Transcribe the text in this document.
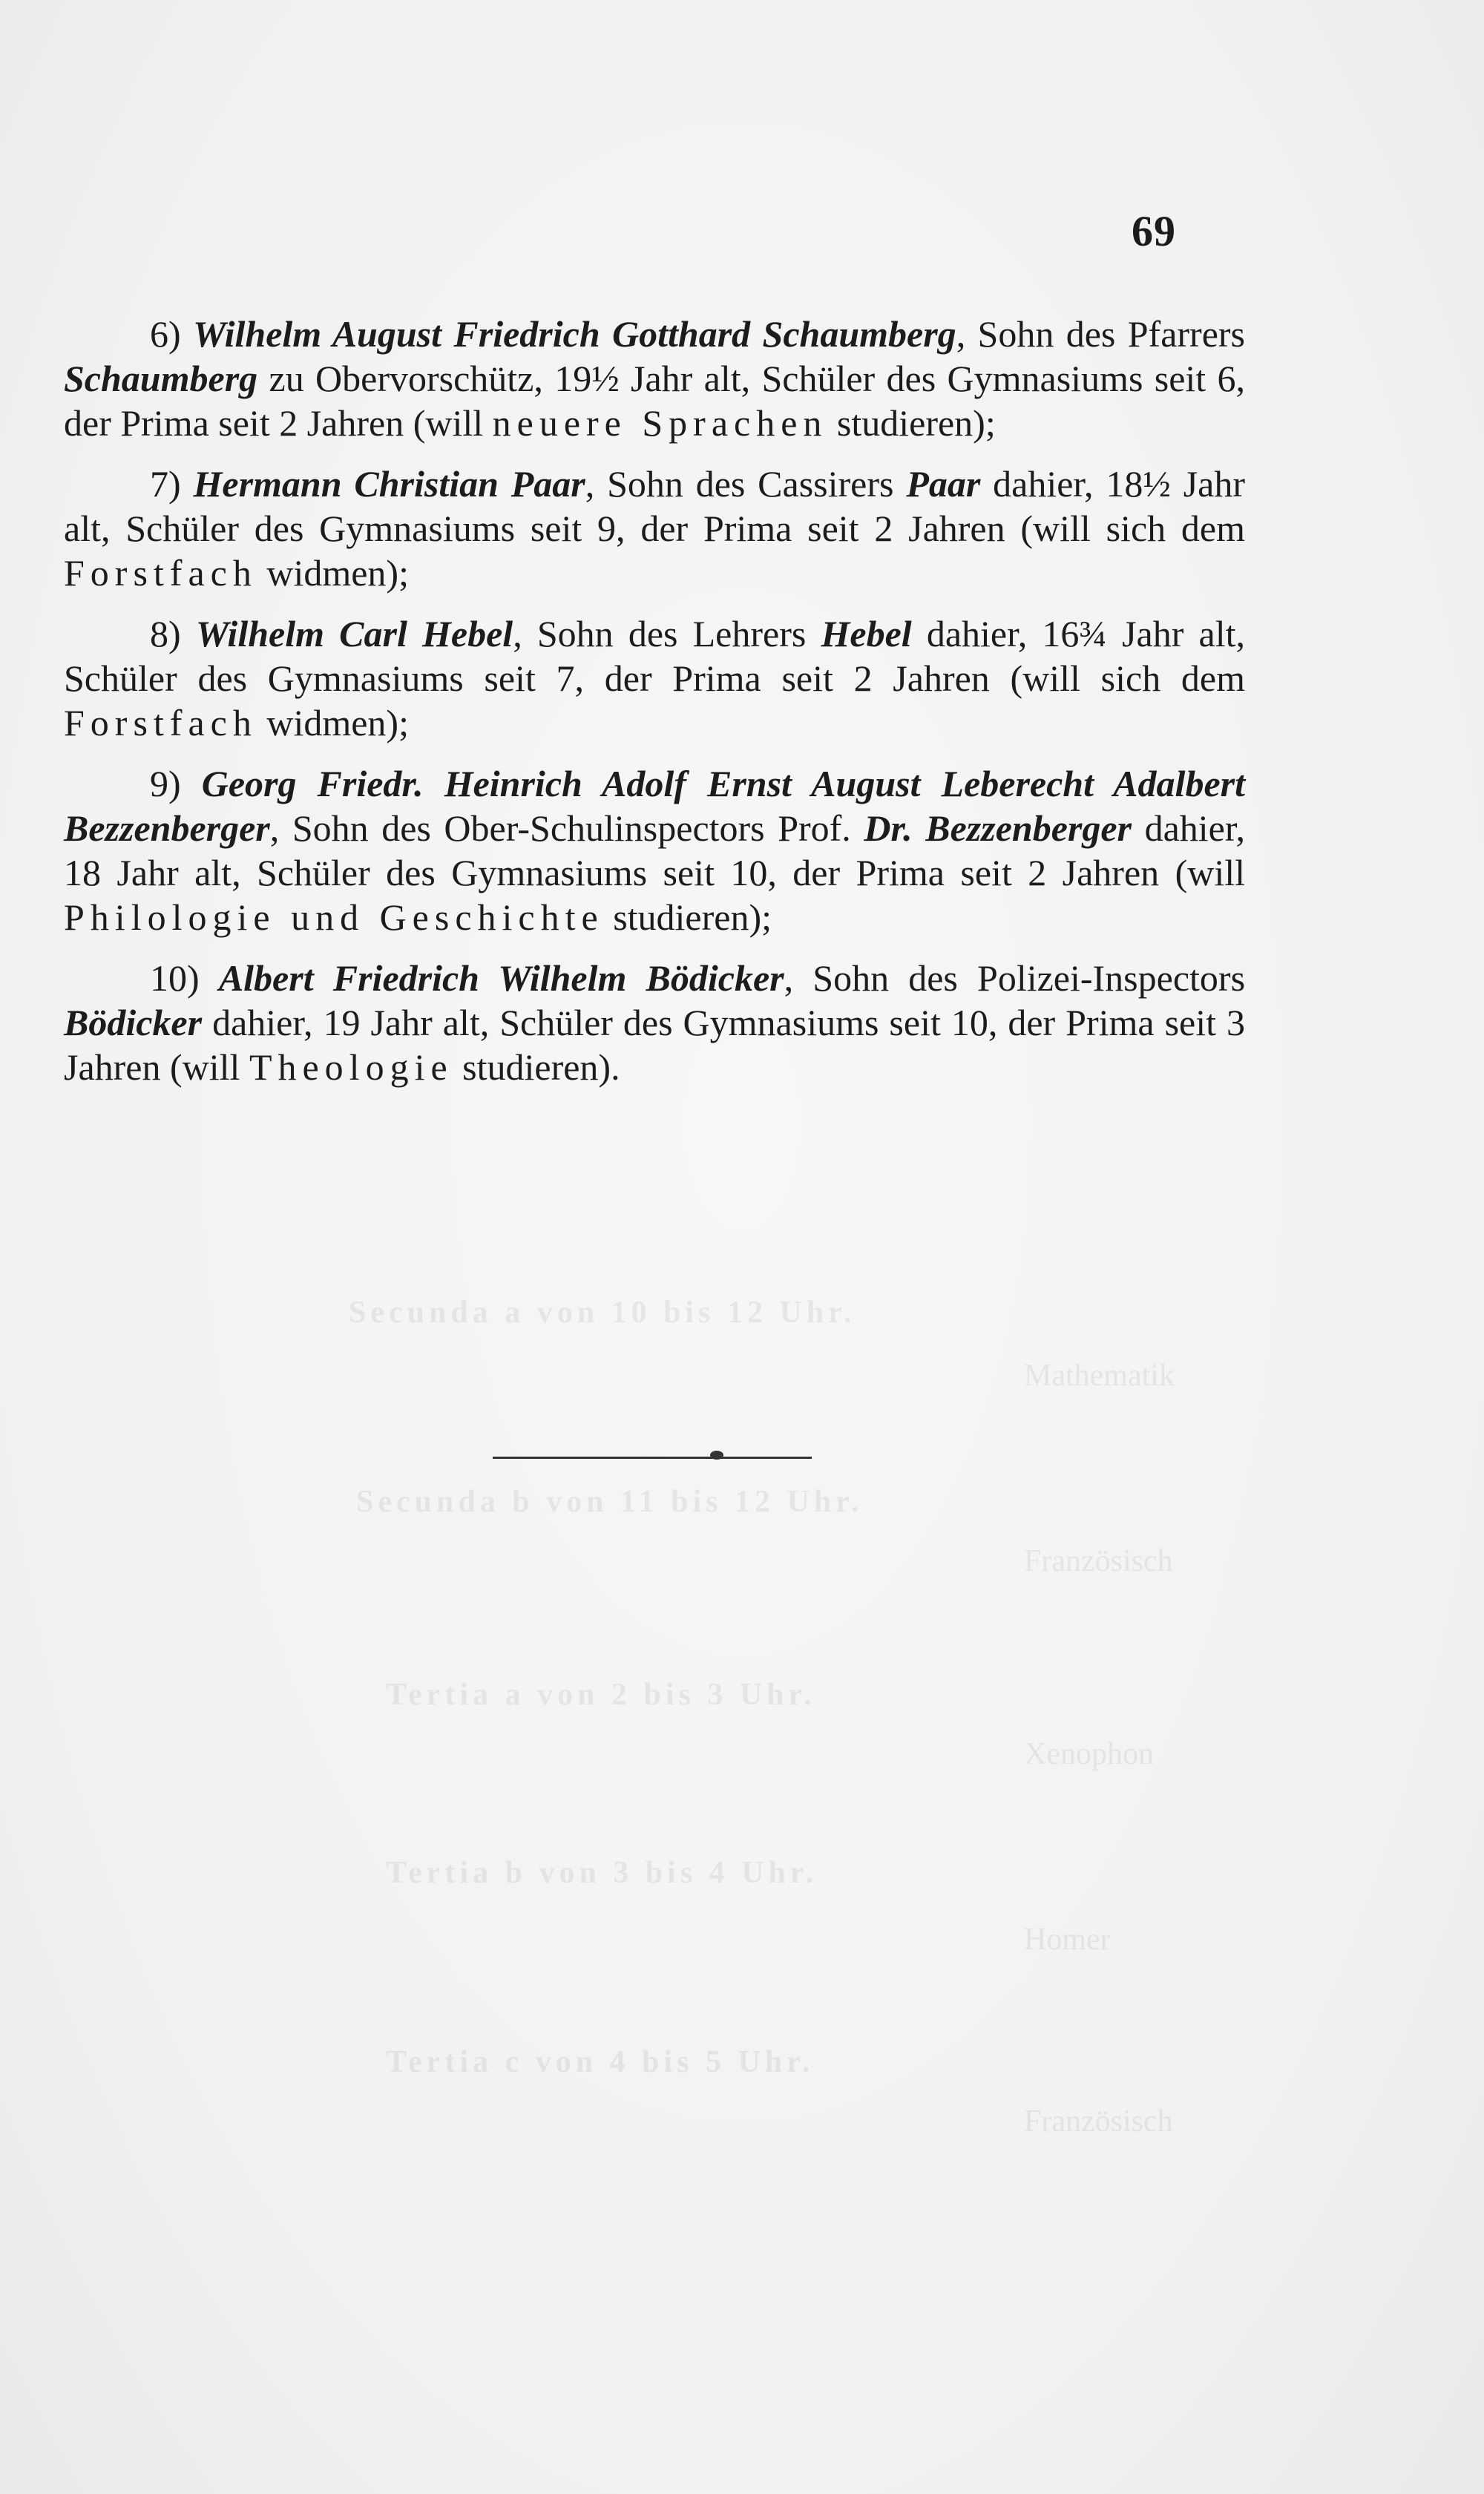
Secunda a von 10 bis 12 Uhr.
Mathematik
Secunda b von 11 bis 12 Uhr.
Französisch
Tertia a von 2 bis 3 Uhr.
Xenophon
Tertia b von 3 bis 4 Uhr.
Homer
Tertia c von 4 bis 5 Uhr.
Französisch
69

6) Wilhelm August Friedrich Gotthard Schaumberg, Sohn des Pfarrers Schaumberg zu Obervorschütz, 19½ Jahr alt, Schüler des Gymnasiums seit 6, der Prima seit 2 Jahren (will neuere Sprachen studieren);

7) Hermann Christian Paar, Sohn des Cassirers Paar dahier, 18½ Jahr alt, Schüler des Gymnasiums seit 9, der Prima seit 2 Jahren (will sich dem Forstfach widmen);

8) Wilhelm Carl Hebel, Sohn des Lehrers Hebel dahier, 16¾ Jahr alt, Schüler des Gymnasiums seit 7, der Prima seit 2 Jahren (will sich dem Forstfach widmen);

9) Georg Friedr. Heinrich Adolf Ernst August Leberecht Adalbert Bezzenberger, Sohn des Ober-Schulinspectors Prof. Dr. Bezzenberger dahier, 18 Jahr alt, Schüler des Gymnasiums seit 10, der Prima seit 2 Jahren (will Philologie und Geschichte studieren);

10) Albert Friedrich Wilhelm Bödicker, Sohn des Polizei-Inspectors Bödicker dahier, 19 Jahr alt, Schüler des Gymnasiums seit 10, der Prima seit 3 Jahren (will Theologie studieren).
